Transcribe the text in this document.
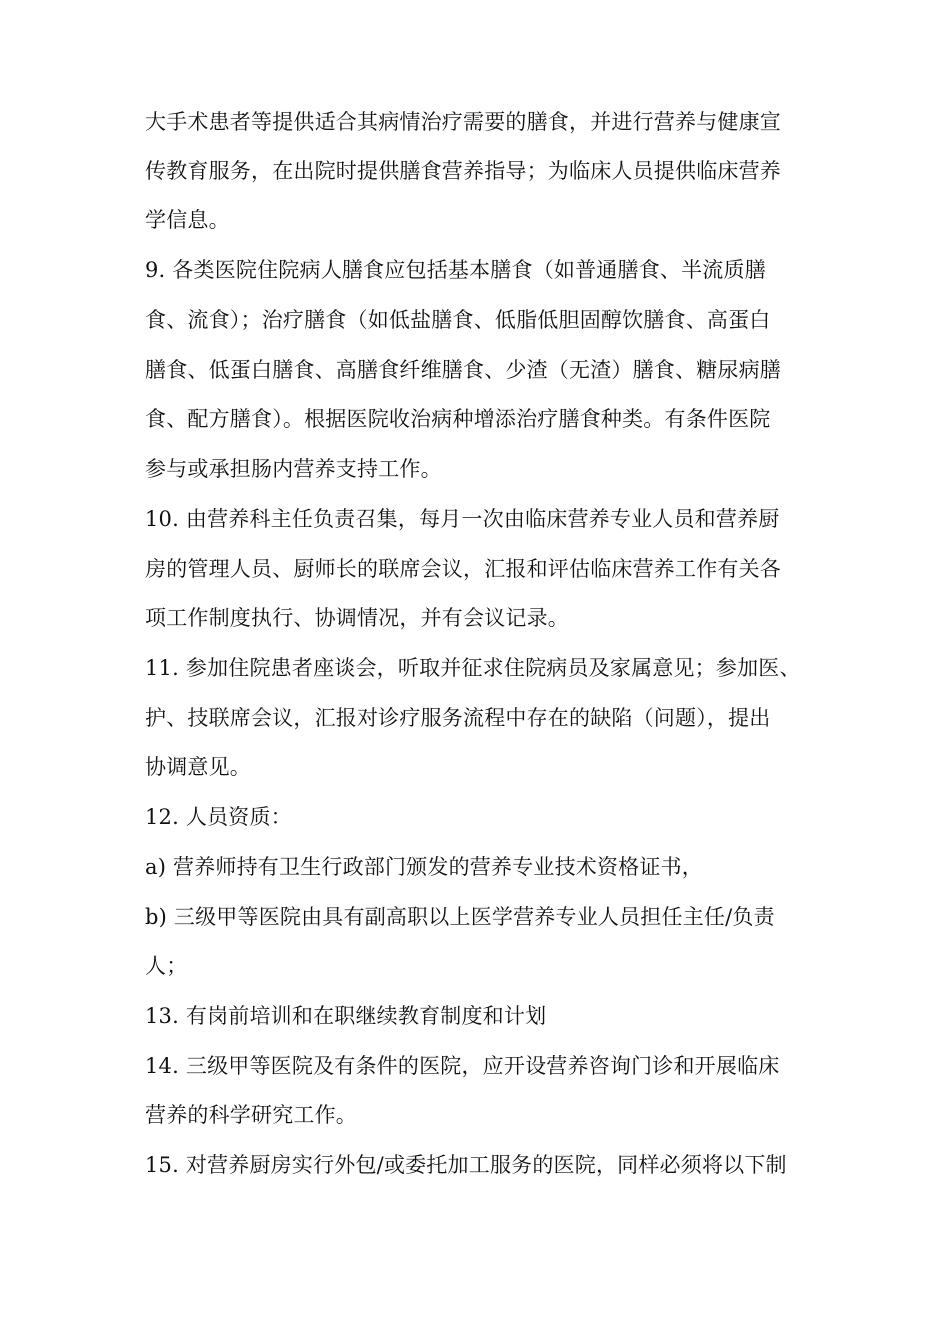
大手术患者等提供适合其病情治疗需要的膳食，并进行营养与健康宣
传教育服务，在出院时提供膳食营养指导；为临床人员提供临床营养
学信息。
9. 各类医院住院病人膳食应包括基本膳食（如普通膳食、半流质膳
食、流食）；治疗膳食（如低盐膳食、低脂低胆固醇饮膳食、高蛋白
膳食、低蛋白膳食、高膳食纤维膳食、少渣（无渣）膳食、糖尿病膳
食、配方膳食）。根据医院收治病种增添治疗膳食种类。有条件医院
参与或承担肠内营养支持工作。
10. 由营养科主任负责召集，每月一次由临床营养专业人员和营养厨
房的管理人员、厨师长的联席会议，汇报和评估临床营养工作有关各
项工作制度执行、协调情况，并有会议记录。
11. 参加住院患者座谈会，听取并征求住院病员及家属意见；参加医、
护、技联席会议，汇报对诊疗服务流程中存在的缺陷（问题），提出
协调意见。
12. 人员资质：
a) 营养师持有卫生行政部门颁发的营养专业技术资格证书，
b) 三级甲等医院由具有副高职以上医学营养专业人员担任主任/负责
人；
13. 有岗前培训和在职继续教育制度和计划
14. 三级甲等医院及有条件的医院，应开设营养咨询门诊和开展临床
营养的科学研究工作。
15. 对营养厨房实行外包/或委托加工服务的医院，同样必须将以下制
